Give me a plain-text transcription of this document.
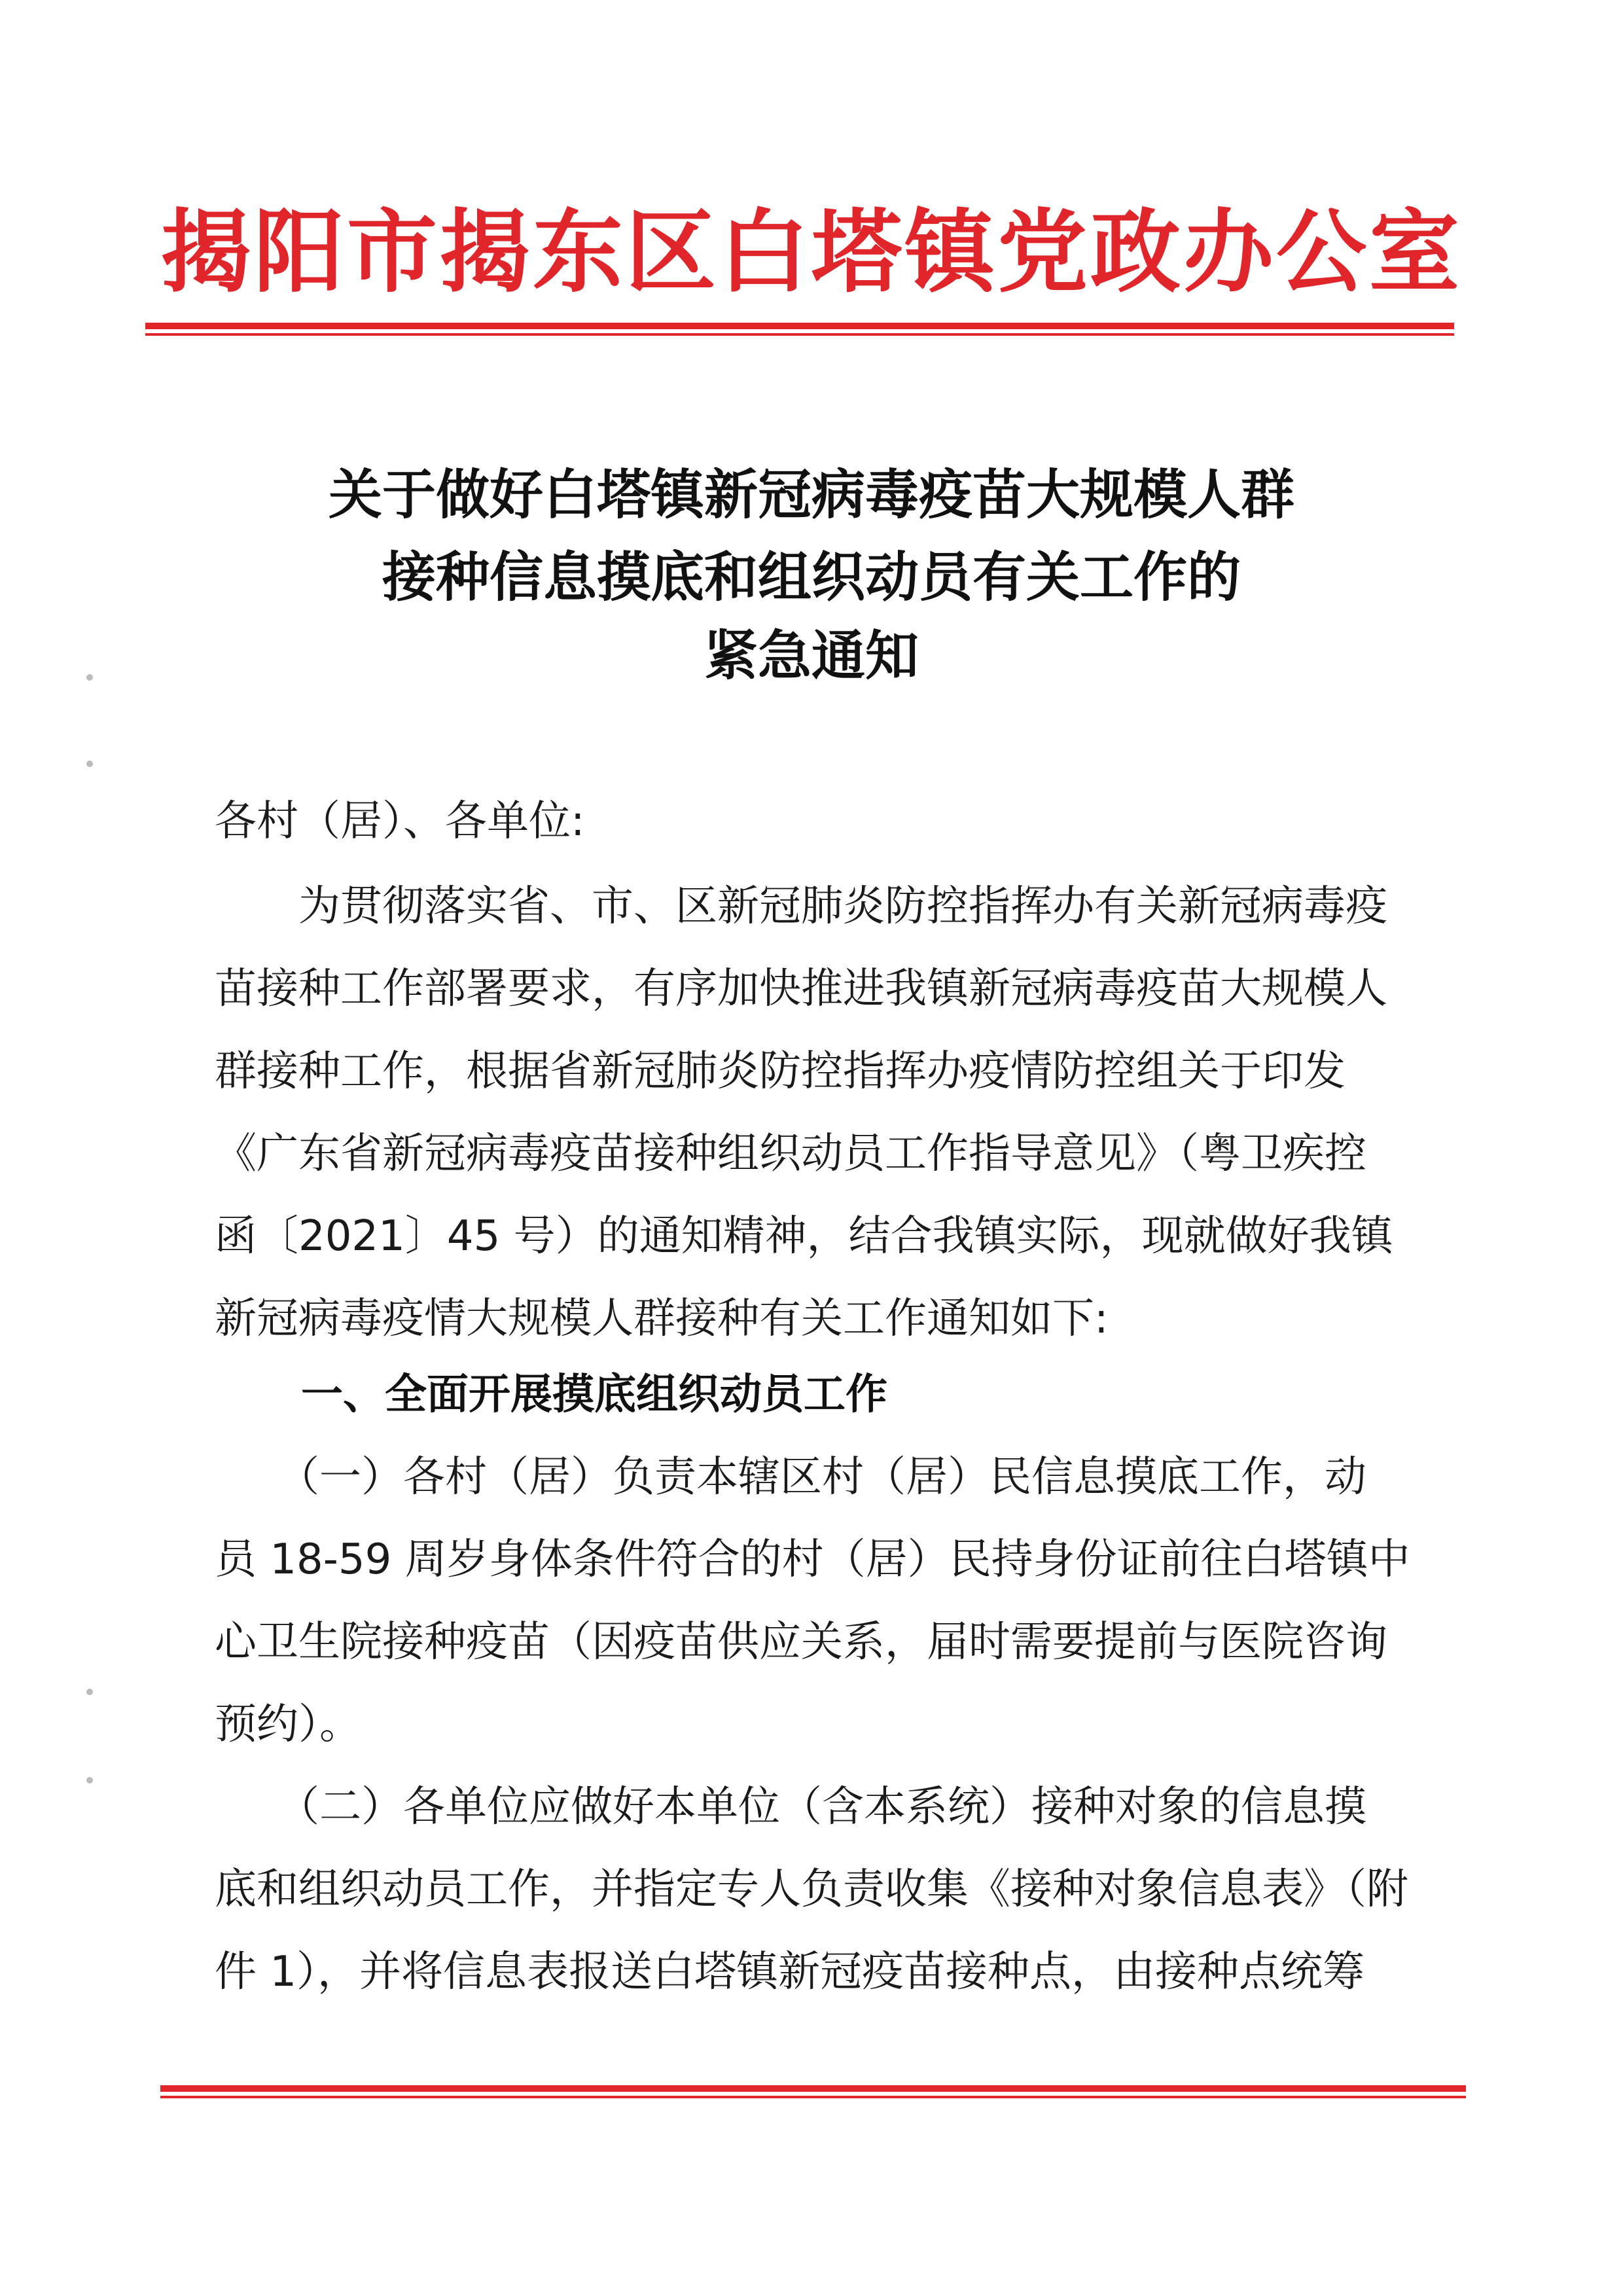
揭阳市揭东区白塔镇党政办公室
关于做好白塔镇新冠病毒疫苗大规模人群
接种信息摸底和组织动员有关工作的
紧急通知
各村（居）、各单位:
　　为贯彻落实省、市、区新冠肺炎防控指挥办有关新冠病毒疫
苗接种工作部署要求，有序加快推进我镇新冠病毒疫苗大规模人
群接种工作，根据省新冠肺炎防控指挥办疫情防控组关于印发
《广东省新冠病毒疫苗接种组织动员工作指导意见》（粤卫疾控
函〔2021〕45 号）的通知精神，结合我镇实际，现就做好我镇
新冠病毒疫情大规模人群接种有关工作通知如下:
一、全面开展摸底组织动员工作
　　（一）各村（居）负责本辖区村（居）民信息摸底工作，动
员 18-59 周岁身体条件符合的村（居）民持身份证前往白塔镇中
心卫生院接种疫苗（因疫苗供应关系，届时需要提前与医院咨询
预约）。
　　（二）各单位应做好本单位（含本系统）接种对象的信息摸
底和组织动员工作，并指定专人负责收集《接种对象信息表》（附
件 1），并将信息表报送白塔镇新冠疫苗接种点，由接种点统筹
